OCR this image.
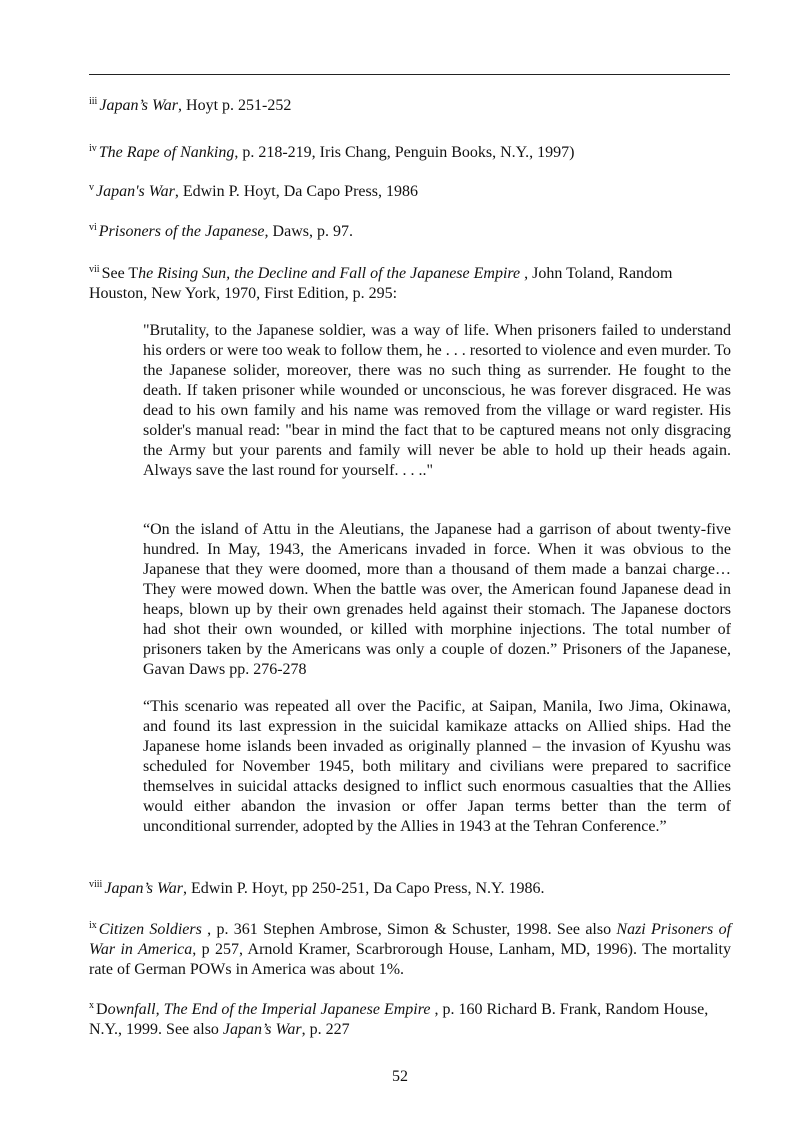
$^{iii}$ Japan’s War, Hoyt p. 251-252

$^{iv}$ The Rape of Nanking, p. 218-219, Iris Chang, Penguin Books, N.Y., 1997)

$^v$ Japan's War, Edwin P. Hoyt, Da Capo Press, 1986

$^{vi}$ Prisoners of the Japanese, Daws, p. 97.

$^{vii}$ See The Rising Sun, the Decline and Fall of the Japanese Empire , John Toland, Random Houston, New York, 1970, First Edition, p. 295:

"Brutality, to the Japanese soldier, was a way of life. When prisoners failed to understand his orders or were too weak to follow them, he . . . resorted to violence and even murder. To the Japanese solider, moreover, there was no such thing as surrender. He fought to the death. If taken prisoner while wounded or unconscious, he was forever disgraced. He was dead to his own family and his name was removed from the village or ward register. His solder's manual read: "bear in mind the fact that to be captured means not only disgracing the Army but your parents and family will never be able to hold up their heads again. Always save the last round for yourself. . . .."

“On the island of Attu in the Aleutians, the Japanese had a garrison of about twenty-five hundred. In May, 1943, the Americans invaded in force. When it was obvious to the Japanese that they were doomed, more than a thousand of them made a banzai charge…They were mowed down. When the battle was over, the American found Japanese dead in heaps, blown up by their own grenades held against their stomach. The Japanese doctors had shot their own wounded, or killed with morphine injections. The total number of prisoners taken by the Americans was only a couple of dozen.” Prisoners of the Japanese, Gavan Daws pp. 276-278

“This scenario was repeated all over the Pacific, at Saipan, Manila, Iwo Jima, Okinawa, and found its last expression in the suicidal kamikaze attacks on Allied ships. Had the Japanese home islands been invaded as originally planned – the invasion of Kyushu was scheduled for November 1945, both military and civilians were prepared to sacrifice themselves in suicidal attacks designed to inflict such enormous casualties that the Allies would either abandon the invasion or offer Japan terms better than the term of unconditional surrender, adopted by the Allies in 1943 at the Tehran Conference.”

$^{viii}$ Japan’s War, Edwin P. Hoyt, pp 250-251, Da Capo Press, N.Y. 1986.

$^{ix}$ Citizen Soldiers , p. 361 Stephen Ambrose, Simon & Schuster, 1998. See also Nazi Prisoners of War in America, p 257, Arnold Kramer, Scarbrorough House, Lanham, MD, 1996). The mortality rate of German POWs in America was about 1%.

$^x$ Downfall, The End of the Imperial Japanese Empire , p. 160 Richard B. Frank, Random House, N.Y., 1999. See also Japan’s War, p. 227

52
